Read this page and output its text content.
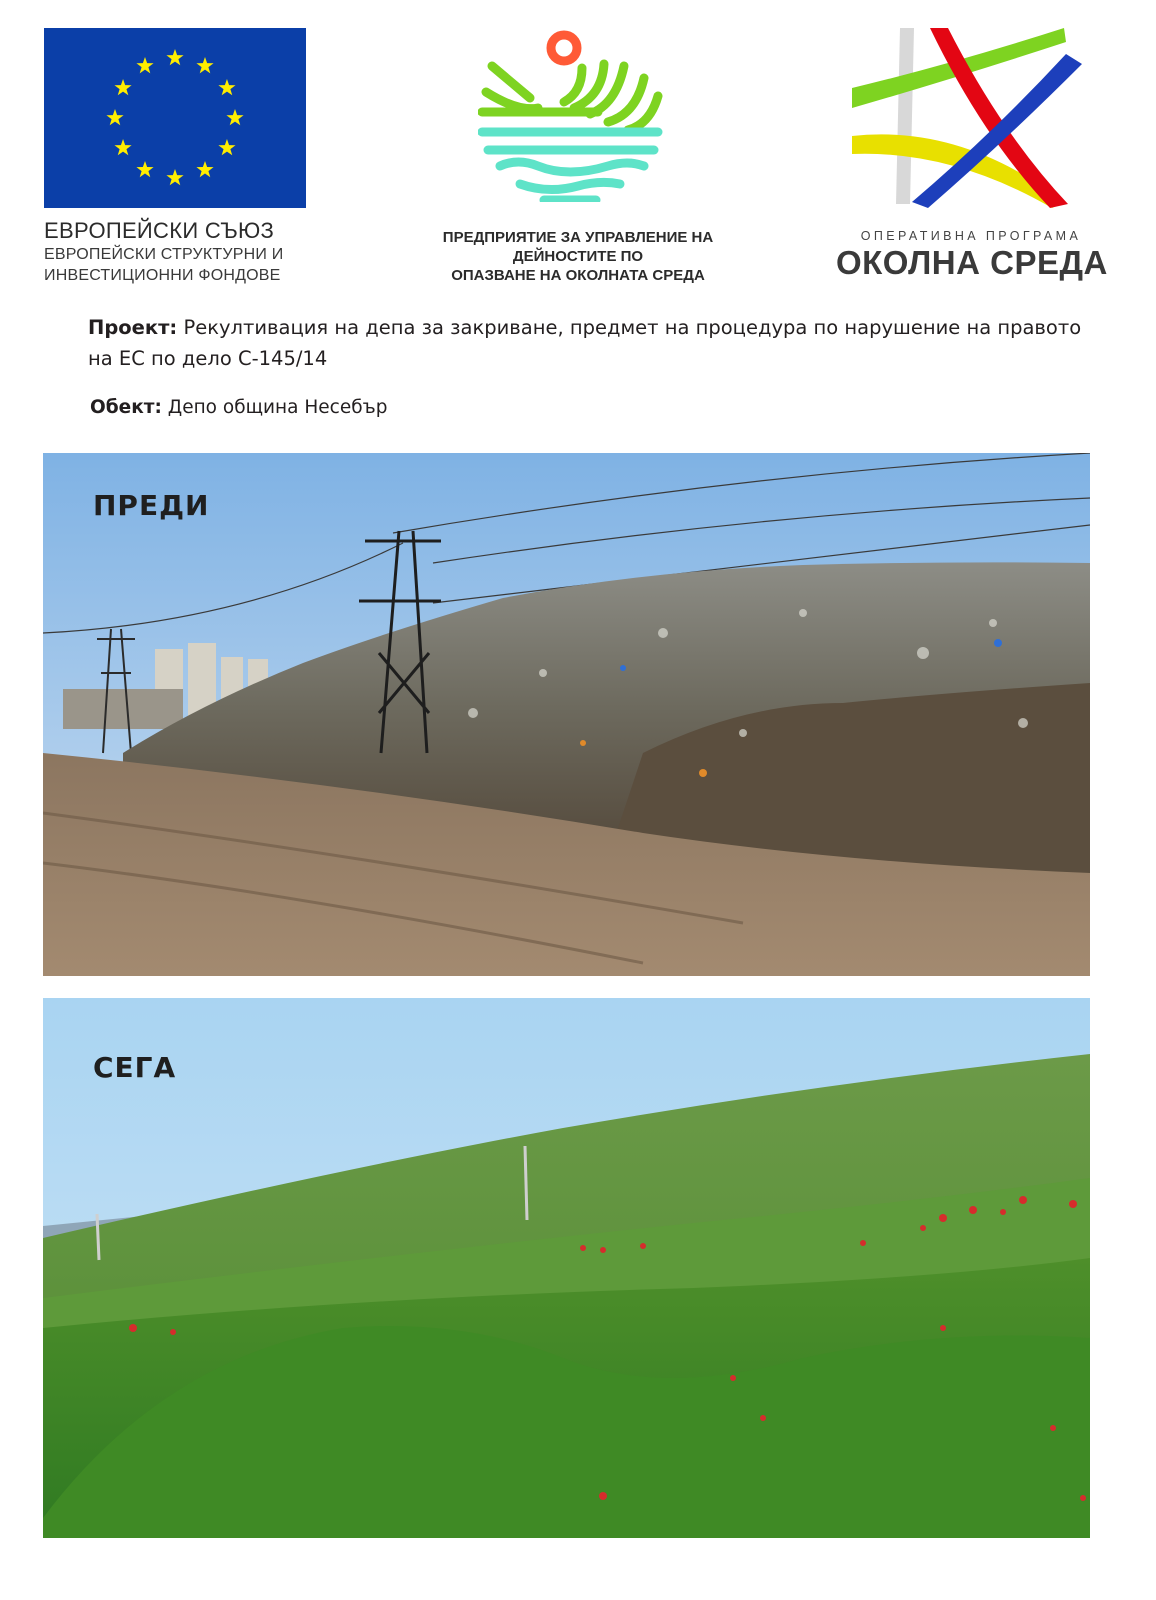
ЕВРОПЕЙСКИ СЪЮЗ
ЕВРОПЕЙСКИ СТРУКТУРНИ И
ИНВЕСТИЦИОННИ ФОНДОВЕ
ПРЕДПРИЯТИЕ ЗА УПРАВЛЕНИЕ НА
ДЕЙНОСТИТЕ ПО
ОПАЗВАНЕ НА ОКОЛНАТА СРЕДА
ОПЕРАТИВНА ПРОГРАМА
ОКОЛНА СРЕДА
Проект: Рекултивация на депа за закриване, предмет на процедура по нарушение на правото на ЕС по дело С-145/14
Обект: Депо община Несебър
ПРЕДИ
СЕГА
